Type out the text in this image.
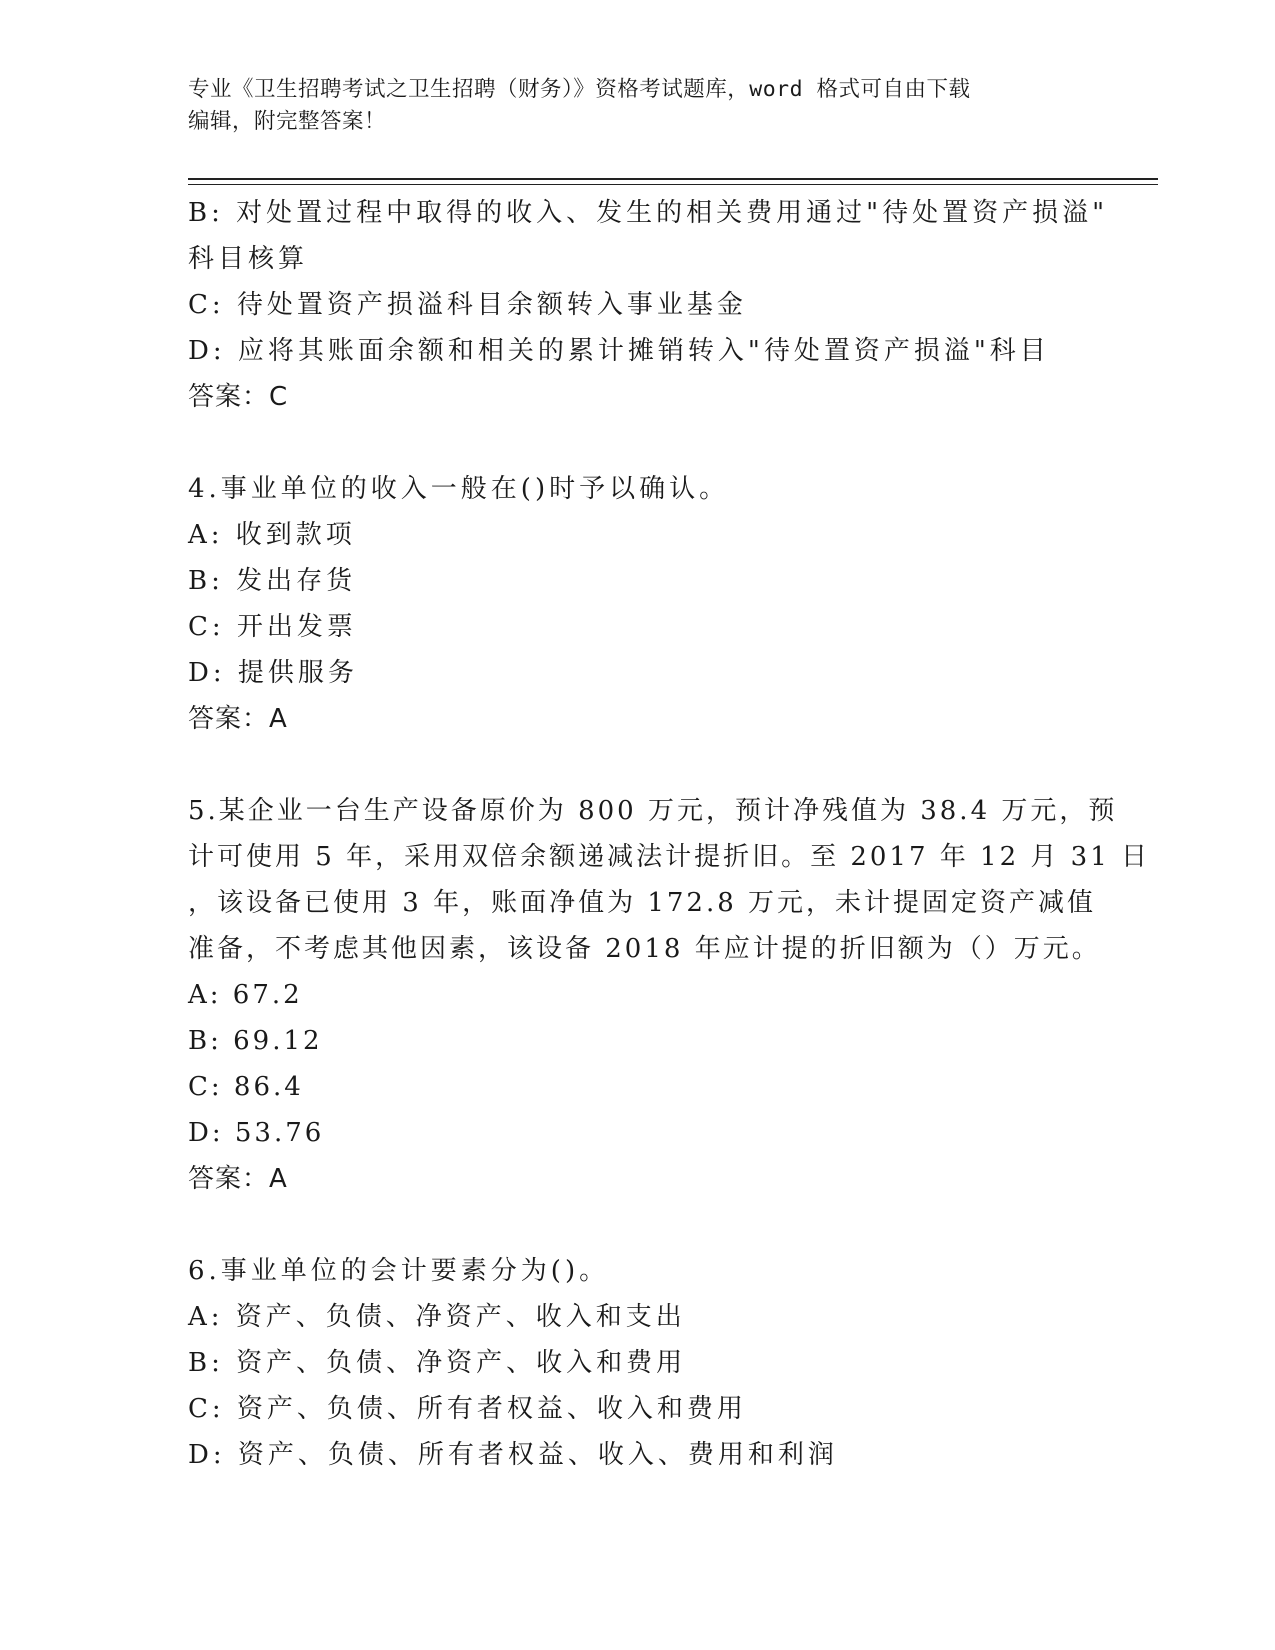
专业《卫生招聘考试之卫生招聘（财务）》资格考试题库，word 格式可自由下载
编辑，附完整答案！
B: 对处置过程中取得的收入、发生的相关费用通过"待处置资产损溢"
科目核算
C: 待处置资产损溢科目余额转入事业基金
D: 应将其账面余额和相关的累计摊销转入"待处置资产损溢"科目
答案：C
4.事业单位的收入一般在()时予以确认。
A: 收到款项
B: 发出存货
C: 开出发票
D: 提供服务
答案：A
5.某企业一台生产设备原价为 800 万元，预计净残值为 38.4 万元，预
计可使用 5 年，采用双倍余额递减法计提折旧。至 2017 年 12 月 31 日
，该设备已使用 3 年，账面净值为 172.8 万元，未计提固定资产减值
准备，不考虑其他因素，该设备 2018 年应计提的折旧额为（）万元。
A: 67.2
B: 69.12
C: 86.4
D: 53.76
答案：A
6.事业单位的会计要素分为()。
A: 资产、负债、净资产、收入和支出
B: 资产、负债、净资产、收入和费用
C: 资产、负债、所有者权益、收入和费用
D: 资产、负债、所有者权益、收入、费用和利润
